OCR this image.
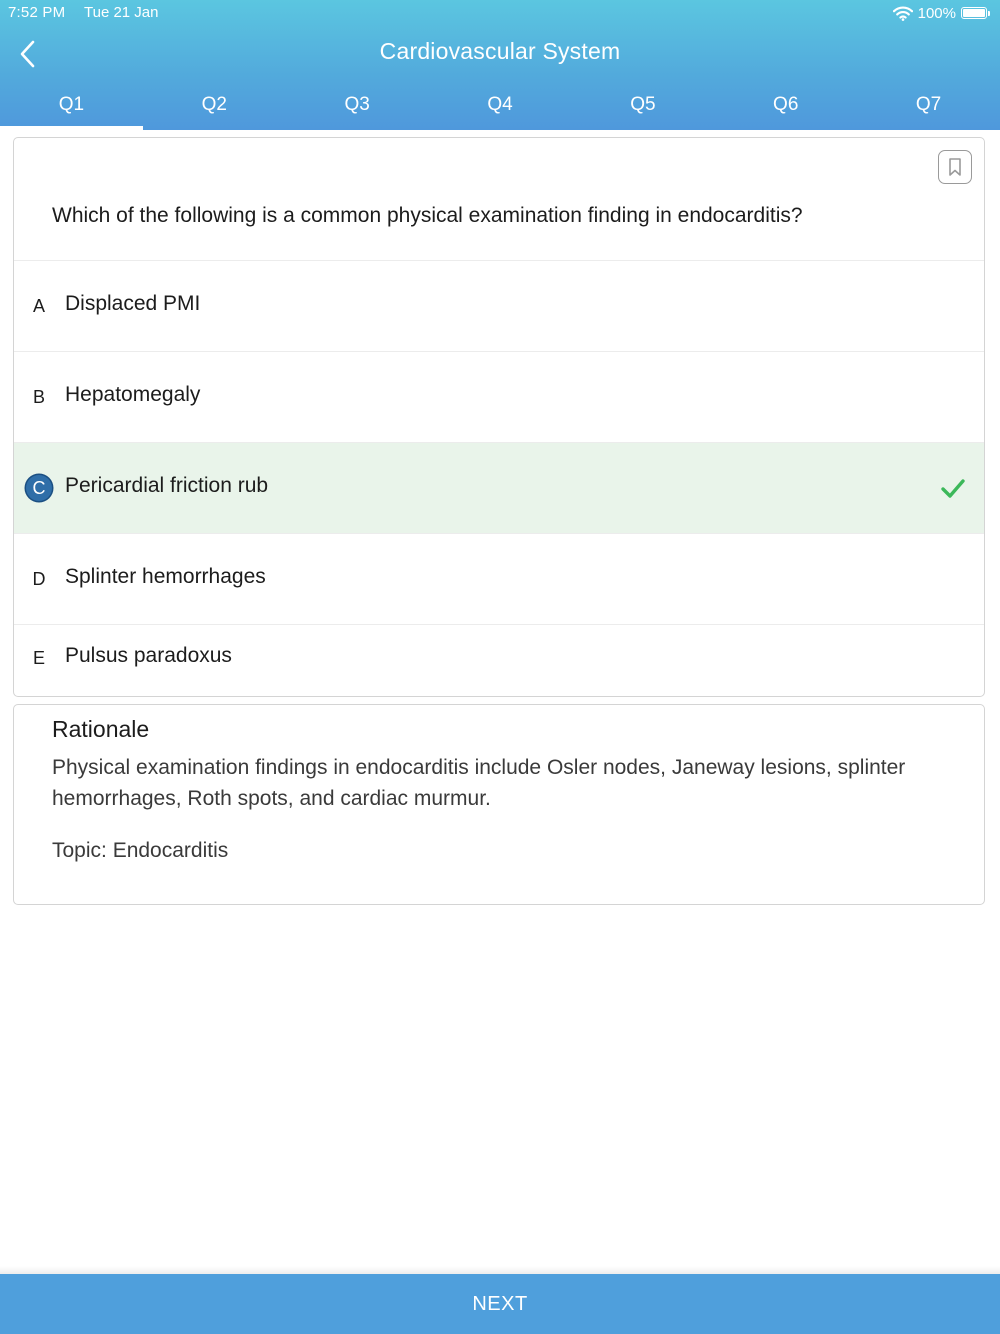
7:52 PM Tue 21 Jan	100%
Cardiovascular System
Q1	Q2	Q3	Q4	Q5	Q6	Q7
Which of the following is a common physical examination finding in endocarditis?
A Displaced PMI
B Hepatomegaly
C Pericardial friction rub
D Splinter hemorrhages
E Pulsus paradoxus
Rationale
Physical examination findings in endocarditis include Osler nodes, Janeway lesions, splinter hemorrhages, Roth spots, and cardiac murmur.
Topic: Endocarditis
NEXT
